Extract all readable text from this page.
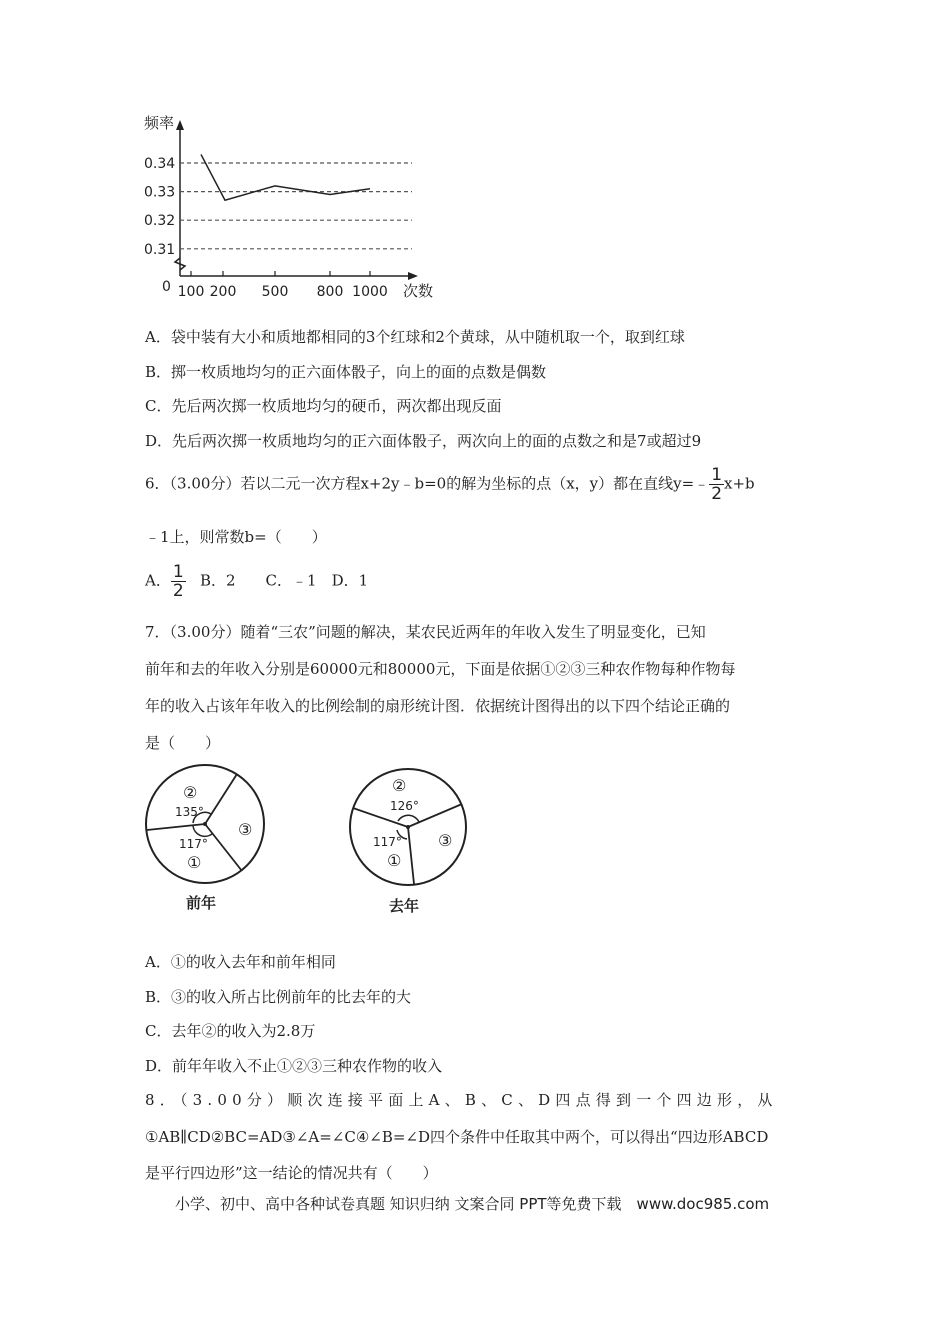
0.34
0.33
0.32
0.31
100 200 500 800 1000
频率
次数
0
A．袋中装有大小和质地都相同的3个红球和2个黄球，从中随机取一个，取到红球
B．掷一枚质地均匀的正六面体骰子，向上的面的点数是偶数
C．先后两次掷一枚质地均匀的硬币，两次都出现反面
D．先后两次掷一枚质地均匀的正六面体骰子，两次向上的面的点数之和是7或超过9
6．（3.00分）若以二元一次方程x+2y﹣b=0的解为坐标的点（x，y）都在直线y=﹣ $\frac{1}{2} x+b$
﹣1上，则常数b=（　　）
A． $\frac{1}{2}$ B．2　　C．﹣1　D．1
7．（3.00分）随着“三农”问题的解决，某农民近两年的年收入发生了明显变化，已知
前年和去的年收入分别是60000元和80000元，下面是依据①②③三种农作物每种作物每
年的收入占该年年收入的比例绘制的扇形统计图．依据统计图得出的以下四个结论正确的
是（　　）
②
135°
③
117°
①
前年
②
126°
③
117°
①
去年
A．①的收入去年和前年相同
B．③的收入所占比例前年的比去年的大
C．去年②的收入为2.8万
D．前年年收入不止①②③三种农作物的收入
8．（3.00分）顺次连接平面上A、B、C、D四点得到一个四边形，从
①AB∥CD②BC=AD③∠A=∠C④∠B=∠D四个条件中任取其中两个，可以得出“四边形ABCD
是平行四边形”这一结论的情况共有（　　）
小学、初中、高中各种试卷真题 知识归纳 文案合同 PPT等免费下载　www.doc985.com
